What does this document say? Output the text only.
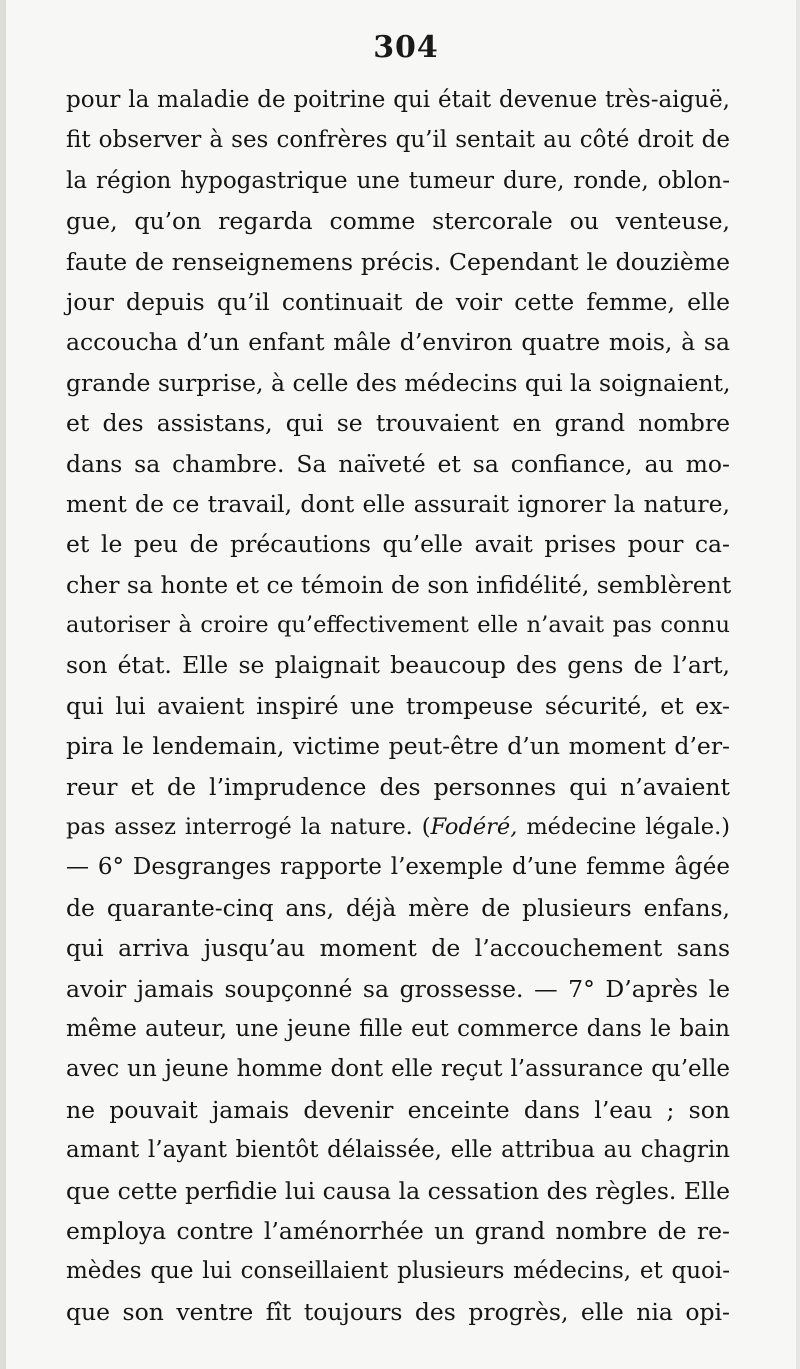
304
pour la maladie de poitrine qui était devenue très-aiguë,
fit observer à ses confrères qu’il sentait au côté droit de
la région hypogastrique une tumeur dure, ronde, oblon-
gue, qu’on regarda comme stercorale ou venteuse,
faute de renseignemens précis. Cependant le douzième
jour depuis qu’il continuait de voir cette femme, elle
accoucha d’un enfant mâle d’environ quatre mois, à sa
grande surprise, à celle des médecins qui la soignaient,
et des assistans, qui se trouvaient en grand nombre
dans sa chambre. Sa naïveté et sa confiance, au mo-
ment de ce travail, dont elle assurait ignorer la nature,
et le peu de précautions qu’elle avait prises pour ca-
cher sa honte et ce témoin de son infidélité, semblèrent
autoriser à croire qu’effectivement elle n’avait pas connu
son état. Elle se plaignait beaucoup des gens de l’art,
qui lui avaient inspiré une trompeuse sécurité, et ex-
pira le lendemain, victime peut-être d’un moment d’er-
reur et de l’imprudence des personnes qui n’avaient
pas assez interrogé la nature. (Fodéré, médecine légale.)
— 6° Desgranges rapporte l’exemple d’une femme âgée
de quarante-cinq ans, déjà mère de plusieurs enfans,
qui arriva jusqu’au moment de l’accouchement sans
avoir jamais soupçonné sa grossesse. — 7° D’après le
même auteur, une jeune fille eut commerce dans le bain
avec un jeune homme dont elle reçut l’assurance qu’elle
ne pouvait jamais devenir enceinte dans l’eau ; son
amant l’ayant bientôt délaissée, elle attribua au chagrin
que cette perfidie lui causa la cessation des règles. Elle
employa contre l’aménorrhée un grand nombre de re-
mèdes que lui conseillaient plusieurs médecins, et quoi-
que son ventre fît toujours des progrès, elle nia opi-
